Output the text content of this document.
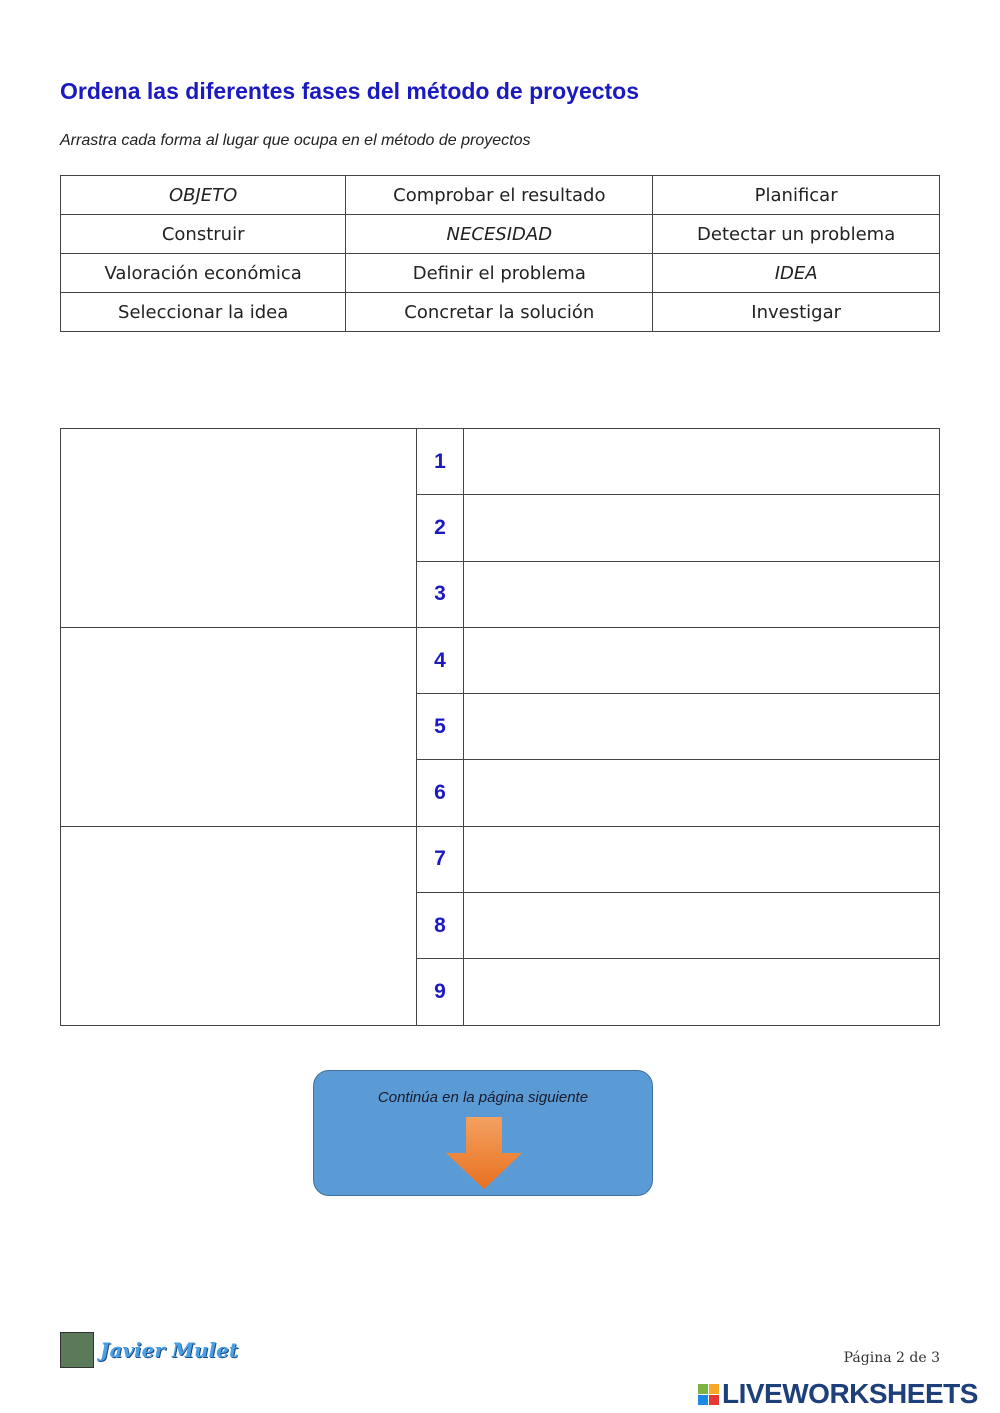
Ordena las diferentes fases del método de proyectos
Arrastra cada forma al lugar que ocupa en el método de proyectos
OBJETO	Comprobar el resultado	Planificar
Construir	NECESIDAD	Detectar un problema
Valoración económica	Definir el problema	IDEA
Seleccionar la idea	Concretar la solución	Investigar
	1	
	2	
	3	
	4	
	5	
	6	
	7	
	8	
	9	
Continúa en la página siguiente
Javier Mulet	Página 2 de 3
LIVEWORKSHEETS
